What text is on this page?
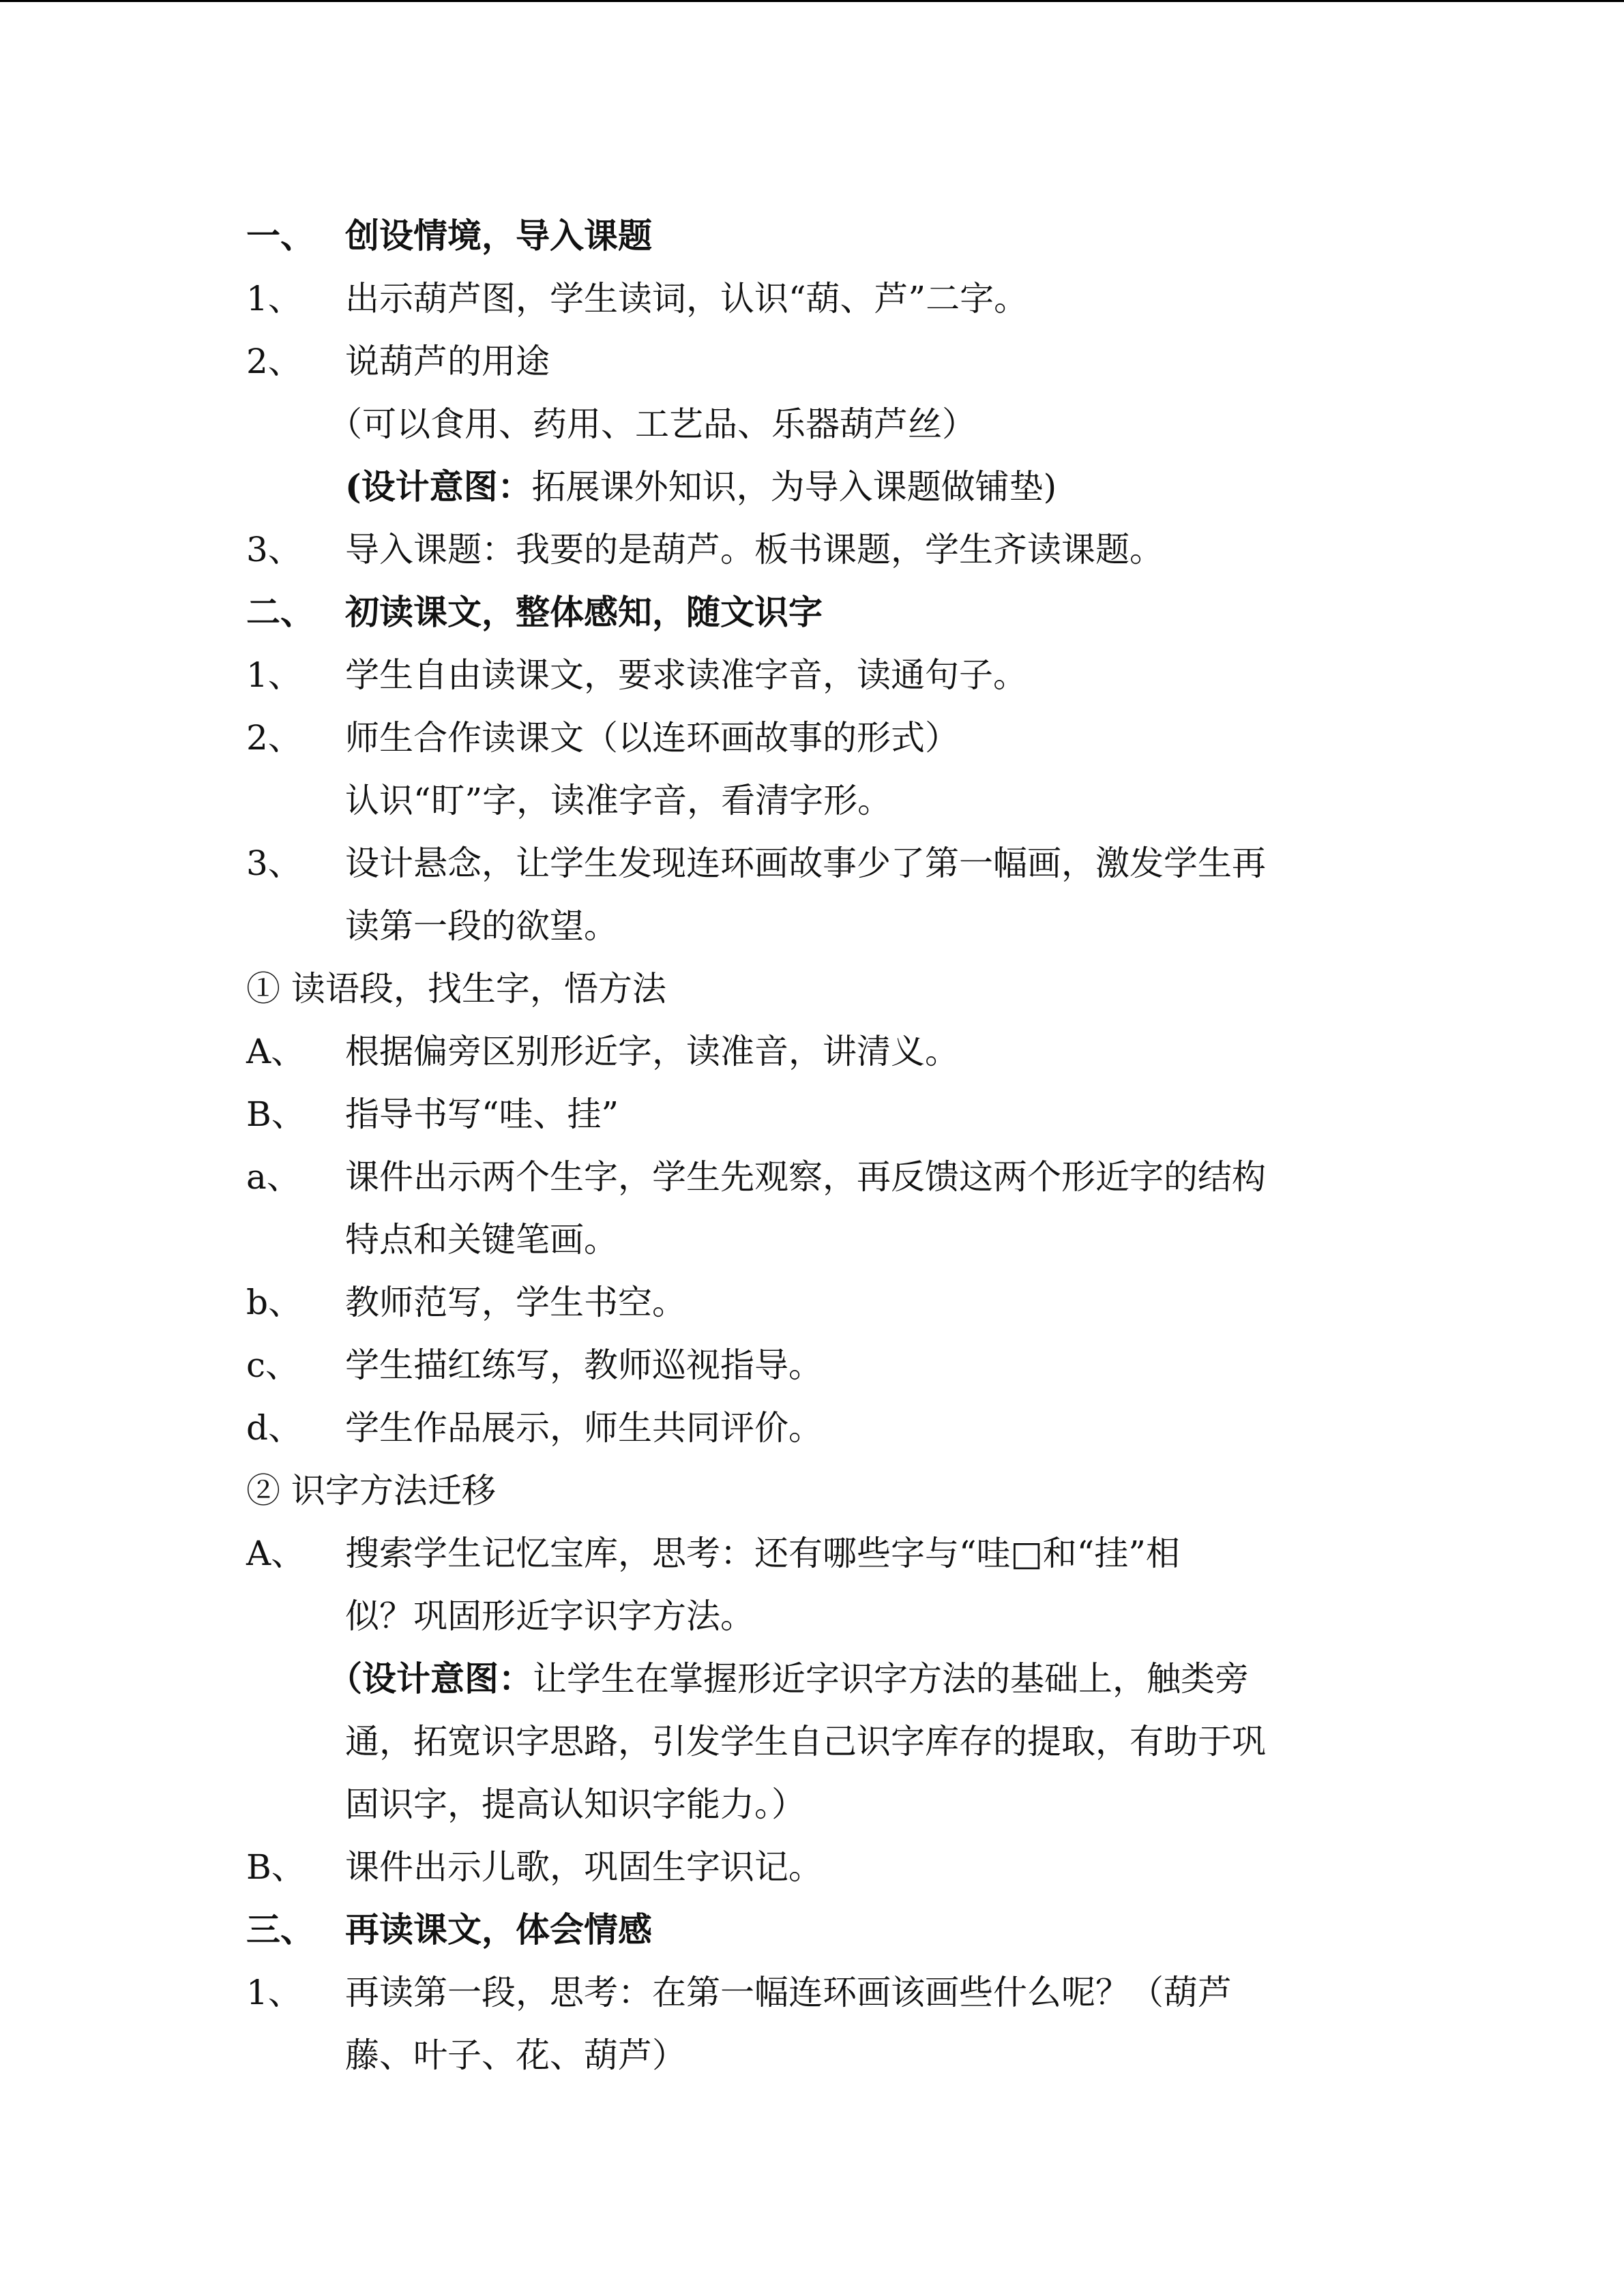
一、 创设情境，导入课题
1、 出示葫芦图，学生读词，认识“葫、芦”二字。
2、 说葫芦的用途
（可以食用、药用、工艺品、乐器葫芦丝）
(设计意图：拓展课外知识，为导入课题做铺垫)
3、 导入课题：我要的是葫芦。板书课题，学生齐读课题。
二、 初读课文，整体感知，随文识字
1、 学生自由读课文，要求读准字音，读通句子。
2、 师生合作读课文（以连环画故事的形式）
认识“盯”字，读准字音，看清字形。
3、 设计悬念，让学生发现连环画故事少了第一幅画，激发学生再
读第一段的欲望。
① 读语段，找生字，悟方法
A、 根据偏旁区别形近字，读准音，讲清义。
B、 指导书写“哇、挂”
a、 课件出示两个生字，学生先观察，再反馈这两个形近字的结构
特点和关键笔画。
b、 教师范写，学生书空。
c、 学生描红练写，教师巡视指导。
d、 学生作品展示，师生共同评价。
② 识字方法迁移
A、 搜索学生记忆宝库，思考：还有哪些字与“哇□和“挂”相
似？巩固形近字识字方法。
（设计意图：让学生在掌握形近字识字方法的基础上，触类旁
通，拓宽识字思路，引发学生自己识字库存的提取，有助于巩
固识字，提高认知识字能力。）
B、 课件出示儿歌，巩固生字识记。
三、 再读课文，体会情感
1、 再读第一段，思考：在第一幅连环画该画些什么呢？（葫芦
藤、叶子、花、葫芦）
